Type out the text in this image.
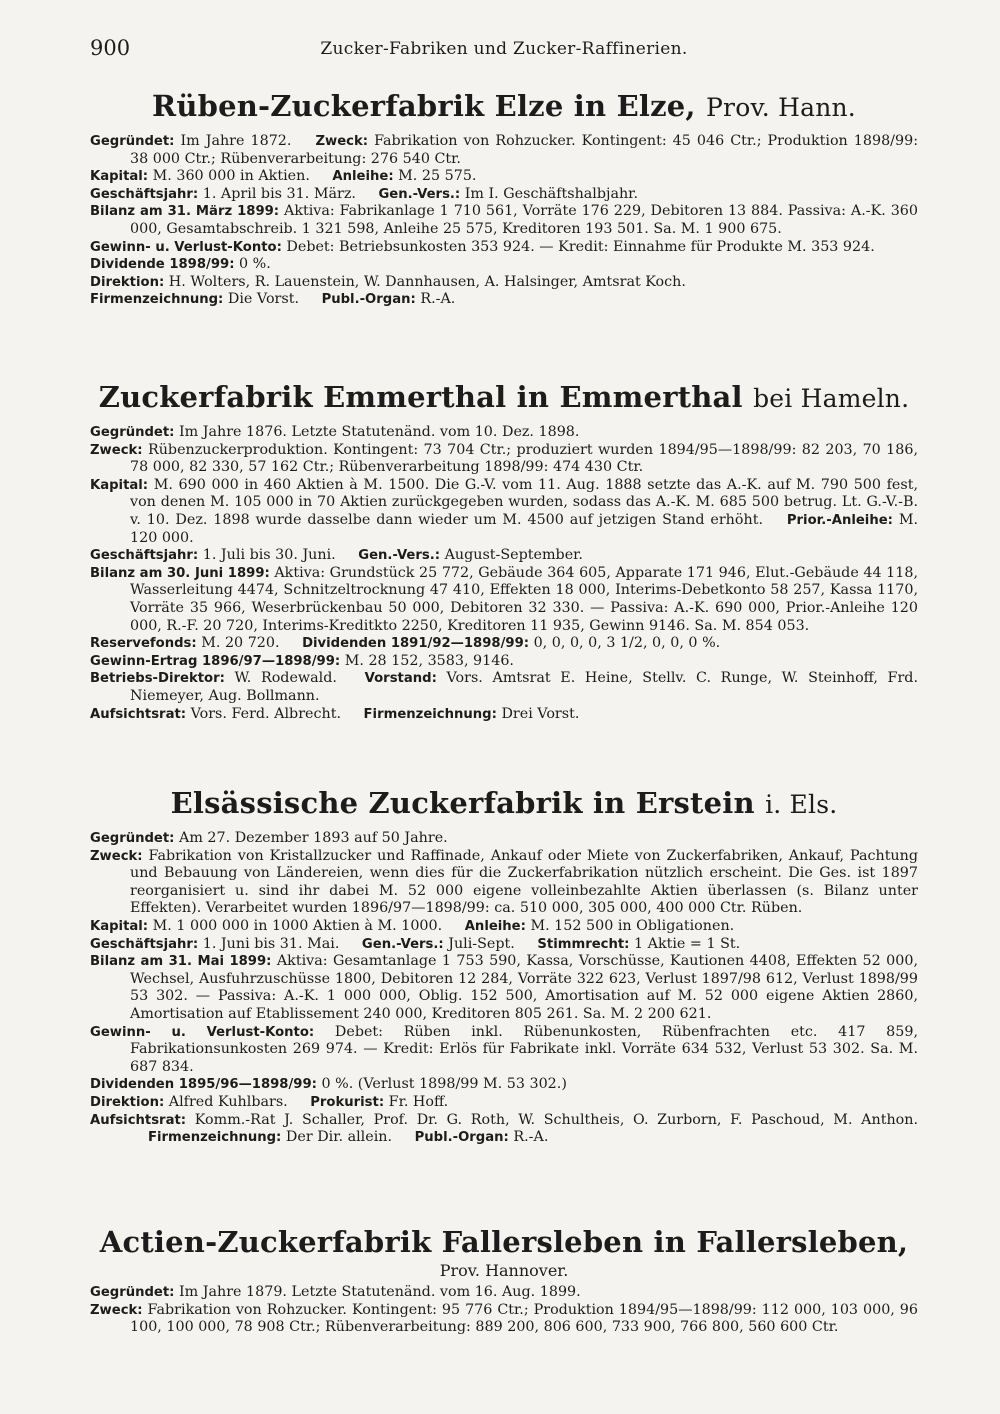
900	Zucker-Fabriken und Zucker-Raffinerien.
Rüben-Zuckerfabrik Elze in Elze, Prov. Hann.

Gegründet: Im Jahre 1872. Zweck: Fabrikation von Rohzucker. Kontingent: 45 046 Ctr.; Produktion 1898/99: 38 000 Ctr.; Rübenverarbeitung: 276 540 Ctr.

Kapital: M. 360 000 in Aktien. Anleihe: M. 25 575.

Geschäftsjahr: 1. April bis 31. März. Gen.-Vers.: Im I. Geschäftshalbjahr.

Bilanz am 31. März 1899: Aktiva: Fabrikanlage 1 710 561, Vorräte 176 229, Debitoren 13 884. Passiva: A.-K. 360 000, Gesamtabschreib. 1 321 598, Anleihe 25 575, Kreditoren 193 501. Sa. M. 1 900 675.

Gewinn- u. Verlust-Konto: Debet: Betriebsunkosten 353 924. — Kredit: Einnahme für Produkte M. 353 924.

Dividende 1898/99: 0 %.

Direktion: H. Wolters, R. Lauenstein, W. Dannhausen, A. Halsinger, Amtsrat Koch.

Firmenzeichnung: Die Vorst. Publ.-Organ: R.-A.

Zuckerfabrik Emmerthal in Emmerthal bei Hameln.

Gegründet: Im Jahre 1876. Letzte Statutenänd. vom 10. Dez. 1898.

Zweck: Rübenzuckerproduktion. Kontingent: 73 704 Ctr.; produziert wurden 1894/95—1898/99: 82 203, 70 186, 78 000, 82 330, 57 162 Ctr.; Rübenverarbeitung 1898/99: 474 430 Ctr.

Kapital: M. 690 000 in 460 Aktien à M. 1500. Die G.-V. vom 11. Aug. 1888 setzte das A.-K. auf M. 790 500 fest, von denen M. 105 000 in 70 Aktien zurückgegeben wurden, sodass das A.-K. M. 685 500 betrug. Lt. G.-V.-B. v. 10. Dez. 1898 wurde dasselbe dann wieder um M. 4500 auf jetzigen Stand erhöht. Prior.-Anleihe: M. 120 000.

Geschäftsjahr: 1. Juli bis 30. Juni. Gen.-Vers.: August-September.

Bilanz am 30. Juni 1899: Aktiva: Grundstück 25 772, Gebäude 364 605, Apparate 171 946, Elut.-Gebäude 44 118, Wasserleitung 4474, Schnitzeltrocknung 47 410, Effekten 18 000, Interims-Debetkonto 58 257, Kassa 1170, Vorräte 35 966, Weserbrückenbau 50 000, Debitoren 32 330. — Passiva: A.-K. 690 000, Prior.-Anleihe 120 000, R.-F. 20 720, Interims-Kreditkto 2250, Kreditoren 11 935, Gewinn 9146. Sa. M. 854 053.

Reservefonds: M. 20 720. Dividenden 1891/92—1898/99: 0, 0, 0, 0, 3 1/2, 0, 0, 0 %.

Gewinn-Ertrag 1896/97—1898/99: M. 28 152, 3583, 9146.

Betriebs-Direktor: W. Rodewald. Vorstand: Vors. Amtsrat E. Heine, Stellv. C. Runge, W. Steinhoff, Frd. Niemeyer, Aug. Bollmann.

Aufsichtsrat: Vors. Ferd. Albrecht. Firmenzeichnung: Drei Vorst.

Elsässische Zuckerfabrik in Erstein i. Els.

Gegründet: Am 27. Dezember 1893 auf 50 Jahre.

Zweck: Fabrikation von Kristallzucker und Raffinade, Ankauf oder Miete von Zuckerfabriken, Ankauf, Pachtung und Bebauung von Ländereien, wenn dies für die Zuckerfabrikation nützlich erscheint. Die Ges. ist 1897 reorganisiert u. sind ihr dabei M. 52 000 eigene volleinbezahlte Aktien überlassen (s. Bilanz unter Effekten). Verarbeitet wurden 1896/97—1898/99: ca. 510 000, 305 000, 400 000 Ctr. Rüben.

Kapital: M. 1 000 000 in 1000 Aktien à M. 1000. Anleihe: M. 152 500 in Obligationen.

Geschäftsjahr: 1. Juni bis 31. Mai. Gen.-Vers.: Juli-Sept. Stimmrecht: 1 Aktie = 1 St.

Bilanz am 31. Mai 1899: Aktiva: Gesamtanlage 1 753 590, Kassa, Vorschüsse, Kautionen 4408, Effekten 52 000, Wechsel, Ausfuhrzuschüsse 1800, Debitoren 12 284, Vorräte 322 623, Verlust 1897/98 612, Verlust 1898/99 53 302. — Passiva: A.-K. 1 000 000, Oblig. 152 500, Amortisation auf M. 52 000 eigene Aktien 2860, Amortisation auf Etablissement 240 000, Kreditoren 805 261. Sa. M. 2 200 621.

Gewinn- u. Verlust-Konto: Debet: Rüben inkl. Rübenunkosten, Rübenfrachten etc. 417 859, Fabrikationsunkosten 269 974. — Kredit: Erlös für Fabrikate inkl. Vorräte 634 532, Verlust 53 302. Sa. M. 687 834.

Dividenden 1895/96—1898/99: 0 %. (Verlust 1898/99 M. 53 302.)

Direktion: Alfred Kuhlbars. Prokurist: Fr. Hoff.

Aufsichtsrat: Komm.-Rat J. Schaller, Prof. Dr. G. Roth, W. Schultheis, O. Zurborn, F. Paschoud, M. Anthon. Firmenzeichnung: Der Dir. allein. Publ.-Organ: R.-A.

Actien-Zuckerfabrik Fallersleben in Fallersleben,
Prov. Hannover.

Gegründet: Im Jahre 1879. Letzte Statutenänd. vom 16. Aug. 1899.

Zweck: Fabrikation von Rohzucker. Kontingent: 95 776 Ctr.; Produktion 1894/95—1898/99: 112 000, 103 000, 96 100, 100 000, 78 908 Ctr.; Rübenverarbeitung: 889 200, 806 600, 733 900, 766 800, 560 600 Ctr.
